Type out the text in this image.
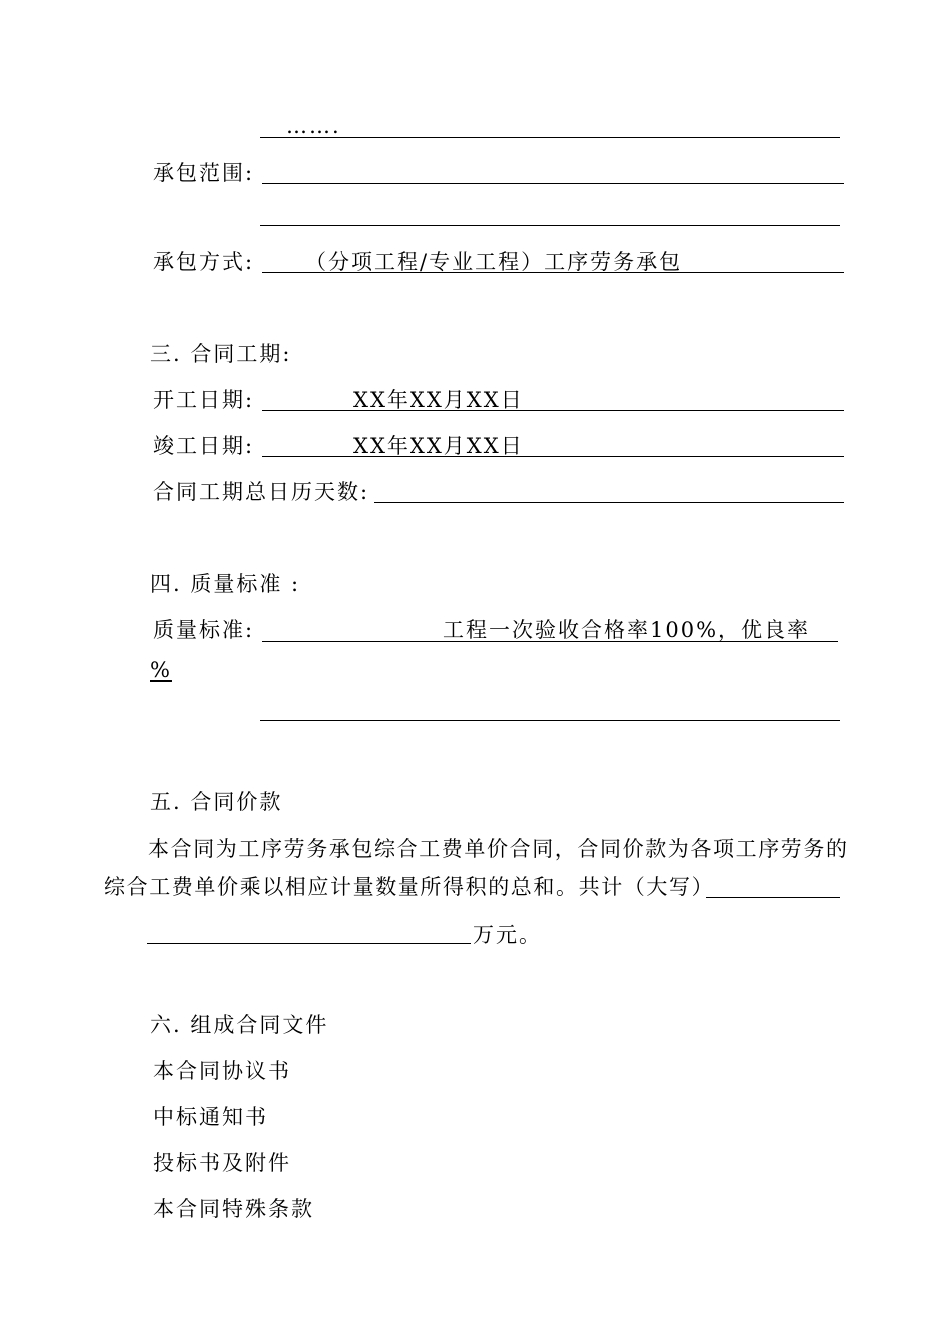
…….
承包范围:
承包方式: （分项工程/专业工程）工序劳务承包
三. 合同工期:
开工日期:	XX年XX月XX日
竣工日期:	XX年XX月XX日
合同工期总日历天数:
四. 质量标准 :
质量标准:	工程一次验收合格率100%，优良率
%
五. 合同价款
本合同为工序劳务承包综合工费单价合同，合同价款为各项工序劳务的
综合工费单价乘以相应计量数量所得积的总和。共计（大写）
万元。
六. 组成合同文件
本合同协议书
中标通知书
投标书及附件
本合同特殊条款
